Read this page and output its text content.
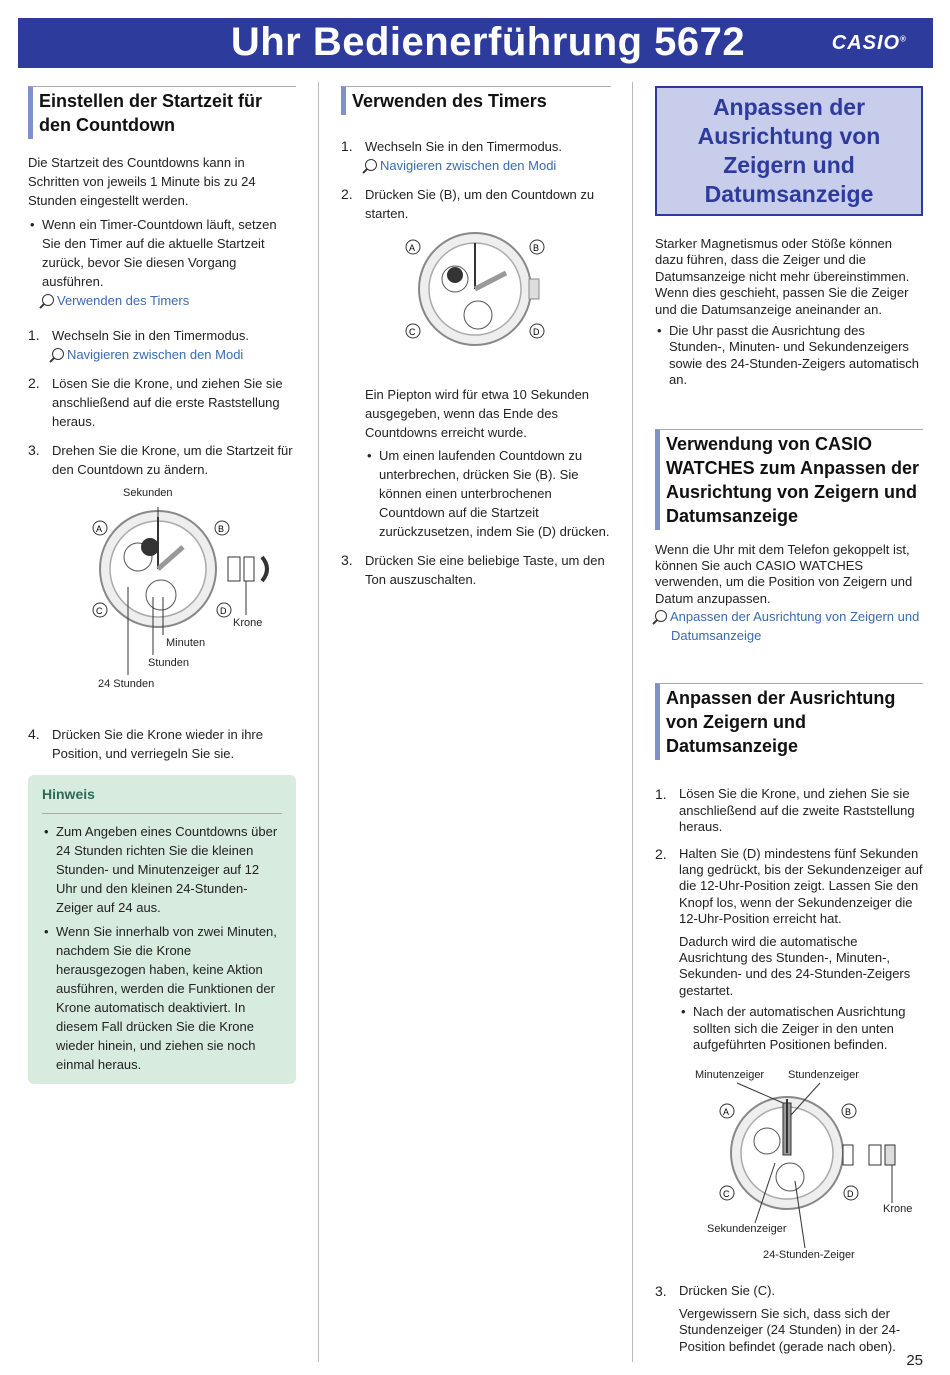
Uhr Bedienerführung 5672	CASIO®
Einstellen der Startzeit für den Countdown

Die Startzeit des Countdowns kann in Schritten von jeweils 1 Minute bis zu 24 Stunden eingestellt werden.

• Wenn ein Timer-Countdown läuft, setzen Sie den Timer auf die aktuelle Startzeit zurück, bevor Sie diesen Vorgang ausführen.
Verwenden des Timers
1. Wechseln Sie in den Timermodus.
Navigieren zwischen den Modi
2. Lösen Sie die Krone, und ziehen Sie sie anschließend auf die erste Raststellung heraus.
3. Drehen Sie die Krone, um die Startzeit für den Countdown zu ändern.
Sekunden
A	B
C	D
Krone
Minuten
Stunden
24 Stunden
4. Drücken Sie die Krone wieder in ihre Position, und verriegeln Sie sie.
Hinweis
• Zum Angeben eines Countdowns über 24 Stunden richten Sie die kleinen Stunden- und Minutenzeiger auf 12 Uhr und den kleinen 24-Stunden-Zeiger auf 24 aus.
• Wenn Sie innerhalb von zwei Minuten, nachdem Sie die Krone herausgezogen haben, keine Aktion ausführen, werden die Funktionen der Krone automatisch deaktiviert. In diesem Fall drücken Sie die Krone wieder hinein, und ziehen sie noch einmal heraus.
Verwenden des Timers
1. Wechseln Sie in den Timermodus.
Navigieren zwischen den Modi
2. Drücken Sie (B), um den Countdown zu starten.
A	B
C	D

Ein Piepton wird für etwa 10 Sekunden ausgegeben, wenn das Ende des Countdowns erreicht wurde.

• Um einen laufenden Countdown zu unterbrechen, drücken Sie (B). Sie können einen unterbrochenen Countdown auf die Startzeit zurückzusetzen, indem Sie (D) drücken.
3. Drücken Sie eine beliebige Taste, um den Ton auszuschalten.
Anpassen der Ausrichtung von Zeigern und Datumsanzeige

Starker Magnetismus oder Stöße können dazu führen, dass die Zeiger und die Datumsanzeige nicht mehr übereinstimmen. Wenn dies geschieht, passen Sie die Zeiger und die Datumsanzeige aneinander an.

• Die Uhr passt die Ausrichtung des Stunden-, Minuten- und Sekundenzeigers sowie des 24-Stunden-Zeigers automatisch an.
Verwendung von CASIO WATCHES zum Anpassen der Ausrichtung von Zeigern und Datumsanzeige

Wenn die Uhr mit dem Telefon gekoppelt ist, können Sie auch CASIO WATCHES verwenden, um die Position von Zeigern und Datum anzupassen.

Anpassen der Ausrichtung von Zeigern und Datumsanzeige
Anpassen der Ausrichtung von Zeigern und Datumsanzeige
1. Lösen Sie die Krone, und ziehen Sie sie anschließend auf die zweite Raststellung heraus.
2. Halten Sie (D) mindestens fünf Sekunden lang gedrückt, bis der Sekundenzeiger auf die 12-Uhr-Position zeigt. Lassen Sie den Knopf los, wenn der Sekundenzeiger die 12-Uhr-Position erreicht hat.

Dadurch wird die automatische Ausrichtung des Stunden-, Minuten-, Sekunden- und des 24-Stunden-Zeigers gestartet.

• Nach der automatischen Ausrichtung sollten sich die Zeiger in den unten aufgeführten Positionen befinden.
Minutenzeiger Stundenzeiger
A	B
C	D
Krone
Sekundenzeiger
24-Stunden-Zeiger
3. Drücken Sie (C).

Vergewissern Sie sich, dass sich der Stundenzeiger (24 Stunden) in der 24-Position befindet (gerade nach oben).

25
